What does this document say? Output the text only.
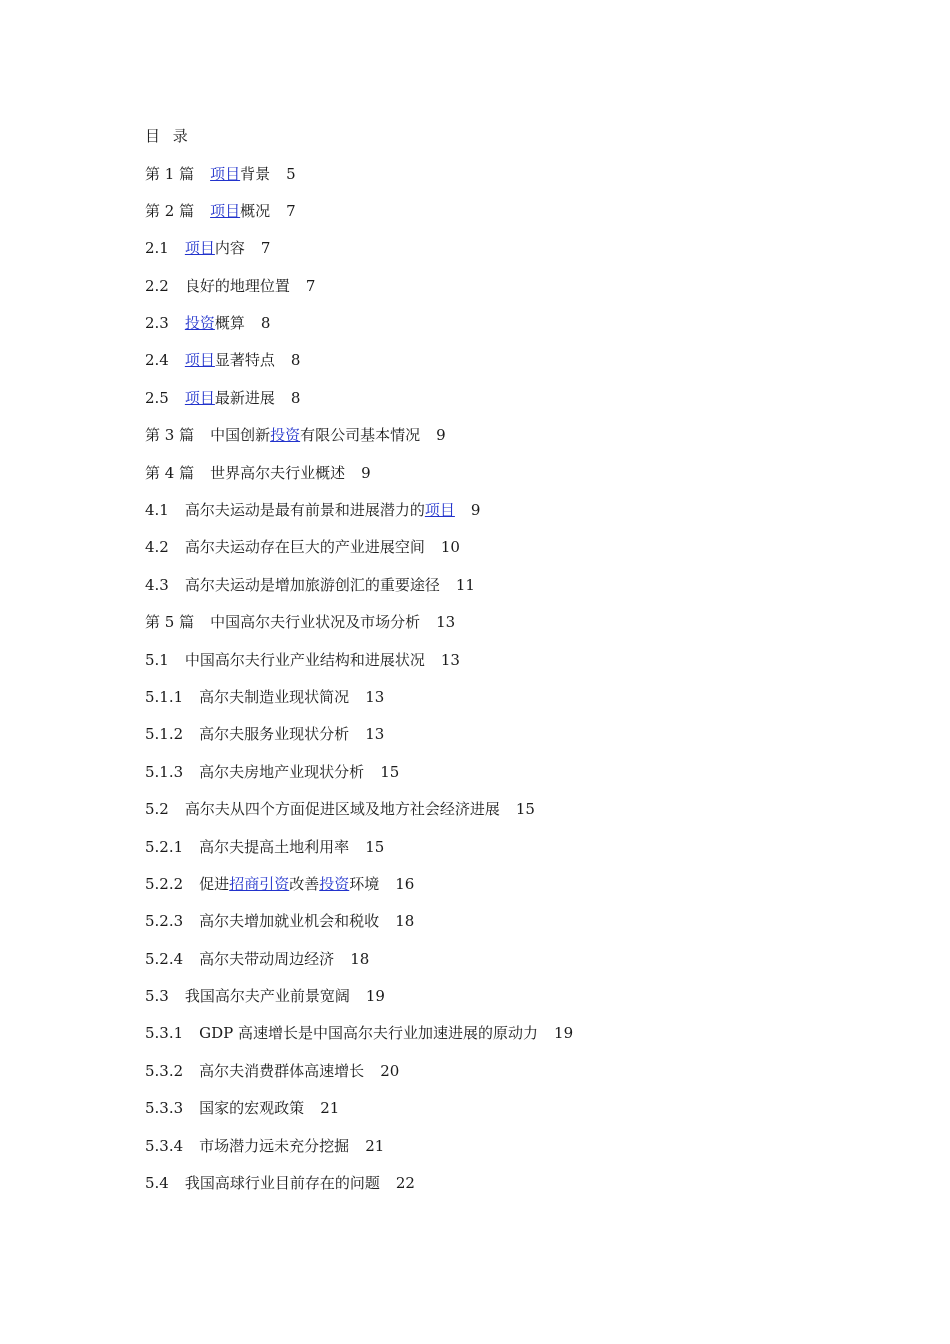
目 录
第 1 篇 项目背景 5
第 2 篇 项目概况 7
2.1 项目内容 7
2.2 良好的地理位置 7
2.3 投资概算 8
2.4 项目显著特点 8
2.5 项目最新进展 8
第 3 篇 中国创新投资有限公司基本情况 9
第 4 篇 世界高尔夫行业概述 9
4.1 高尔夫运动是最有前景和进展潜力的项目 9
4.2 高尔夫运动存在巨大的产业进展空间 10
4.3 高尔夫运动是增加旅游创汇的重要途径 11
第 5 篇 中国高尔夫行业状况及市场分析 13
5.1 中国高尔夫行业产业结构和进展状况 13
5.1.1 高尔夫制造业现状简况 13
5.1.2 高尔夫服务业现状分析 13
5.1.3 高尔夫房地产业现状分析 15
5.2 高尔夫从四个方面促进区域及地方社会经济进展 15
5.2.1 高尔夫提高土地利用率 15
5.2.2 促进招商引资改善投资环境 16
5.2.3 高尔夫增加就业机会和税收 18
5.2.4 高尔夫带动周边经济 18
5.3 我国高尔夫产业前景宽阔 19
5.3.1 GDP 高速增长是中国高尔夫行业加速进展的原动力 19
5.3.2 高尔夫消费群体高速增长 20
5.3.3 国家的宏观政策 21
5.3.4 市场潜力远未充分挖掘 21
5.4 我国高球行业目前存在的问题 22
